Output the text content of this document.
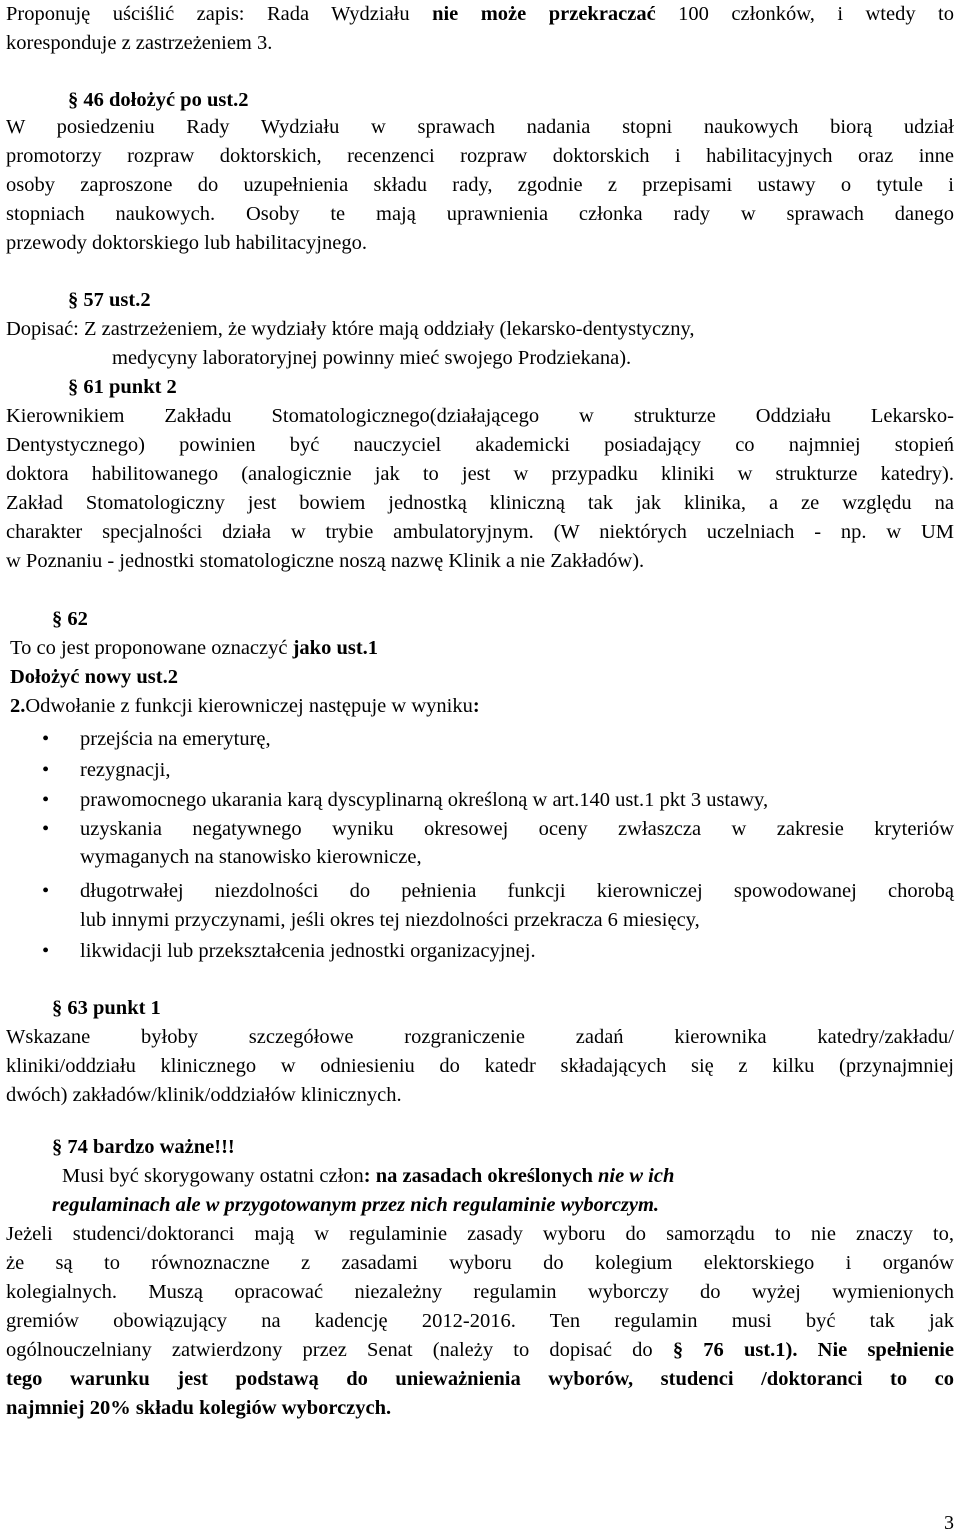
Proponuję uściślić zapis: Rada Wydziału nie może przekraczać 100 członków, i wtedy to
koresponduje z zastrzeżeniem 3.
§ 46 dołożyć po ust.2
W posiedzeniu Rady Wydziału w sprawach nadania stopni naukowych biorą udział
promotorzy rozpraw doktorskich, recenzenci rozpraw doktorskich i habilitacyjnych oraz inne
osoby zaproszone do uzupełnienia składu rady, zgodnie z przepisami ustawy o tytule i
stopniach naukowych. Osoby te mają uprawnienia członka rady w sprawach danego
przewody doktorskiego lub habilitacyjnego.
§ 57 ust.2
Dopisać: Z zastrzeżeniem, że wydziały które mają oddziały (lekarsko-dentystyczny,
medycyny laboratoryjnej powinny mieć swojego Prodziekana).
§ 61 punkt 2
Kierownikiem Zakładu Stomatologicznego(działającego w strukturze Oddziału Lekarsko-
Dentystycznego) powinien być nauczyciel akademicki posiadający co najmniej stopień
doktora habilitowanego (analogicznie jak to jest w przypadku kliniki w strukturze katedry).
Zakład Stomatologiczny jest bowiem jednostką kliniczną tak jak klinika, a ze względu na
charakter specjalności działa w trybie ambulatoryjnym. (W niektórych uczelniach - np. w UM
w Poznaniu - jednostki stomatologiczne noszą nazwę Klinik a nie Zakładów).
§ 62
To co jest proponowane oznaczyć jako ust.1
Dołożyć nowy ust.2
2.Odwołanie z funkcji kierowniczej następuje w wyniku:
• przejścia na emeryturę,
• rezygnacji,
• prawomocnego ukarania karą dyscyplinarną określoną w art.140 ust.1 pkt 3 ustawy,
• uzyskania negatywnego wyniku okresowej oceny zwłaszcza w zakresie kryteriów
wymaganych na stanowisko kierownicze,
• długotrwałej niezdolności do pełnienia funkcji kierowniczej spowodowanej chorobą
lub innymi przyczynami, jeśli okres tej niezdolności przekracza 6 miesięcy,
• likwidacji lub przekształcenia jednostki organizacyjnej.
§ 63 punkt 1
Wskazane byłoby szczegółowe rozgraniczenie zadań kierownika katedry/zakładu/
kliniki/oddziału klinicznego w odniesieniu do katedr składających się z kilku (przynajmniej
dwóch) zakładów/klinik/oddziałów klinicznych.
§ 74 bardzo ważne!!!
Musi być skorygowany ostatni człon: na zasadach określonych nie w ich
regulaminach ale w przygotowanym przez nich regulaminie wyborczym.
Jeżeli studenci/doktoranci mają w regulaminie zasady wyboru do samorządu to nie znaczy to,
że są to równoznaczne z zasadami wyboru do kolegium elektorskiego i organów
kolegialnych. Muszą opracować niezależny regulamin wyborczy do wyżej wymienionych
gremiów obowiązujący na kadencję 2012-2016. Ten regulamin musi być tak jak
ogólnouczelniany zatwierdzony przez Senat (należy to dopisać do § 76 ust.1). Nie spełnienie
tego warunku jest podstawą do unieważnienia wyborów, studenci /doktoranci to co
najmniej 20% składu kolegiów wyborczych.
3
